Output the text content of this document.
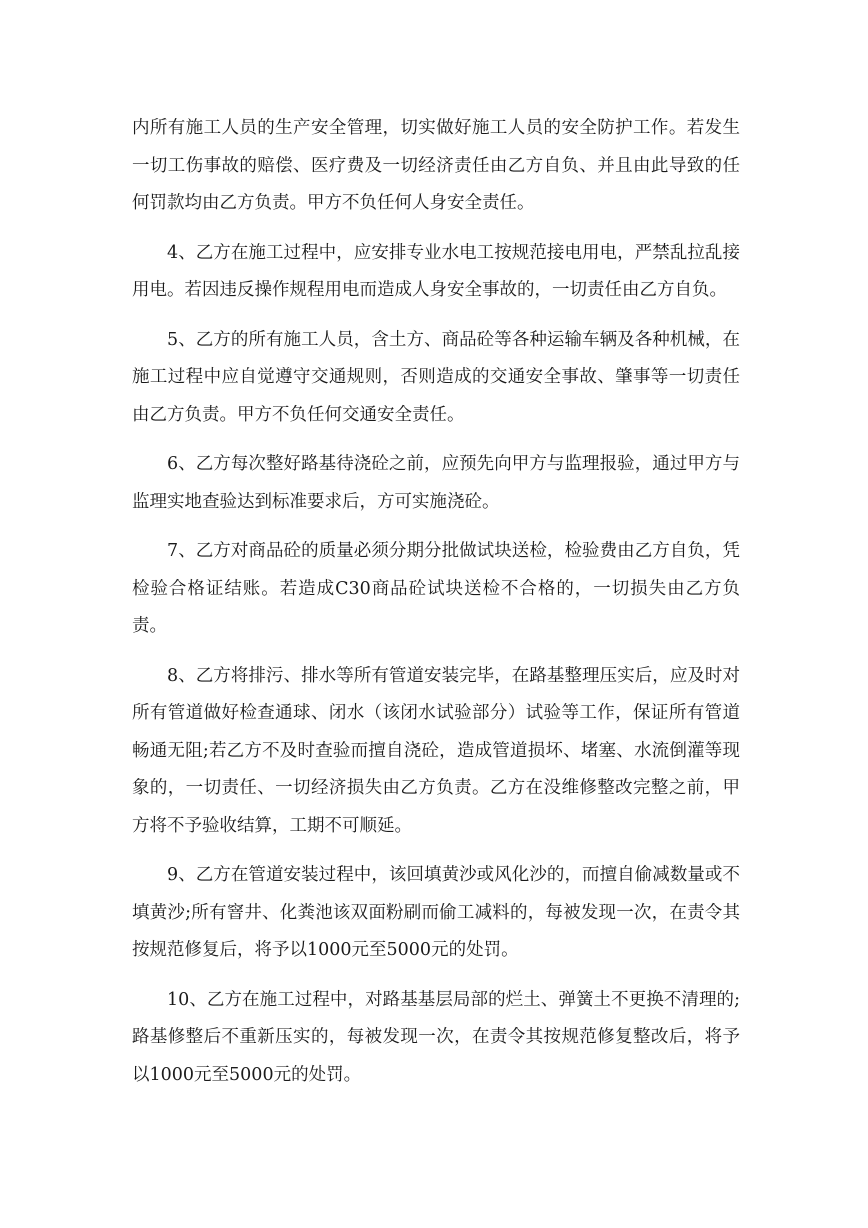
内所有施工人员的生产安全管理，切实做好施工人员的安全防护工作。若发生一切工伤事故的赔偿、医疗费及一切经济责任由乙方自负、并且由此导致的任何罚款均由乙方负责。甲方不负任何人身安全责任。

4、乙方在施工过程中，应安排专业水电工按规范接电用电，严禁乱拉乱接用电。若因违反操作规程用电而造成人身安全事故的，一切责任由乙方自负。

5、乙方的所有施工人员，含土方、商品砼等各种运输车辆及各种机械，在施工过程中应自觉遵守交通规则，否则造成的交通安全事故、肇事等一切责任由乙方负责。甲方不负任何交通安全责任。

6、乙方每次整好路基待浇砼之前，应预先向甲方与监理报验，通过甲方与监理实地查验达到标准要求后，方可实施浇砼。

7、乙方对商品砼的质量必须分期分批做试块送检，检验费由乙方自负，凭检验合格证结账。若造成C30商品砼试块送检不合格的，一切损失由乙方负责。

8、乙方将排污、排水等所有管道安装完毕，在路基整理压实后，应及时对所有管道做好检查通球、闭水（该闭水试验部分）试验等工作，保证所有管道畅通无阻;若乙方不及时查验而擅自浇砼，造成管道损坏、堵塞、水流倒灌等现象的，一切责任、一切经济损失由乙方负责。乙方在没维修整改完整之前，甲方将不予验收结算，工期不可顺延。

9、乙方在管道安装过程中，该回填黄沙或风化沙的，而擅自偷减数量或不填黄沙;所有窨井、化粪池该双面粉刷而偷工减料的，每被发现一次，在责令其按规范修复后，将予以1000元至5000元的处罚。

10、乙方在施工过程中，对路基基层局部的烂土、弹簧土不更换不清理的;路基修整后不重新压实的，每被发现一次，在责令其按规范修复整改后，将予以1000元至5000元的处罚。
